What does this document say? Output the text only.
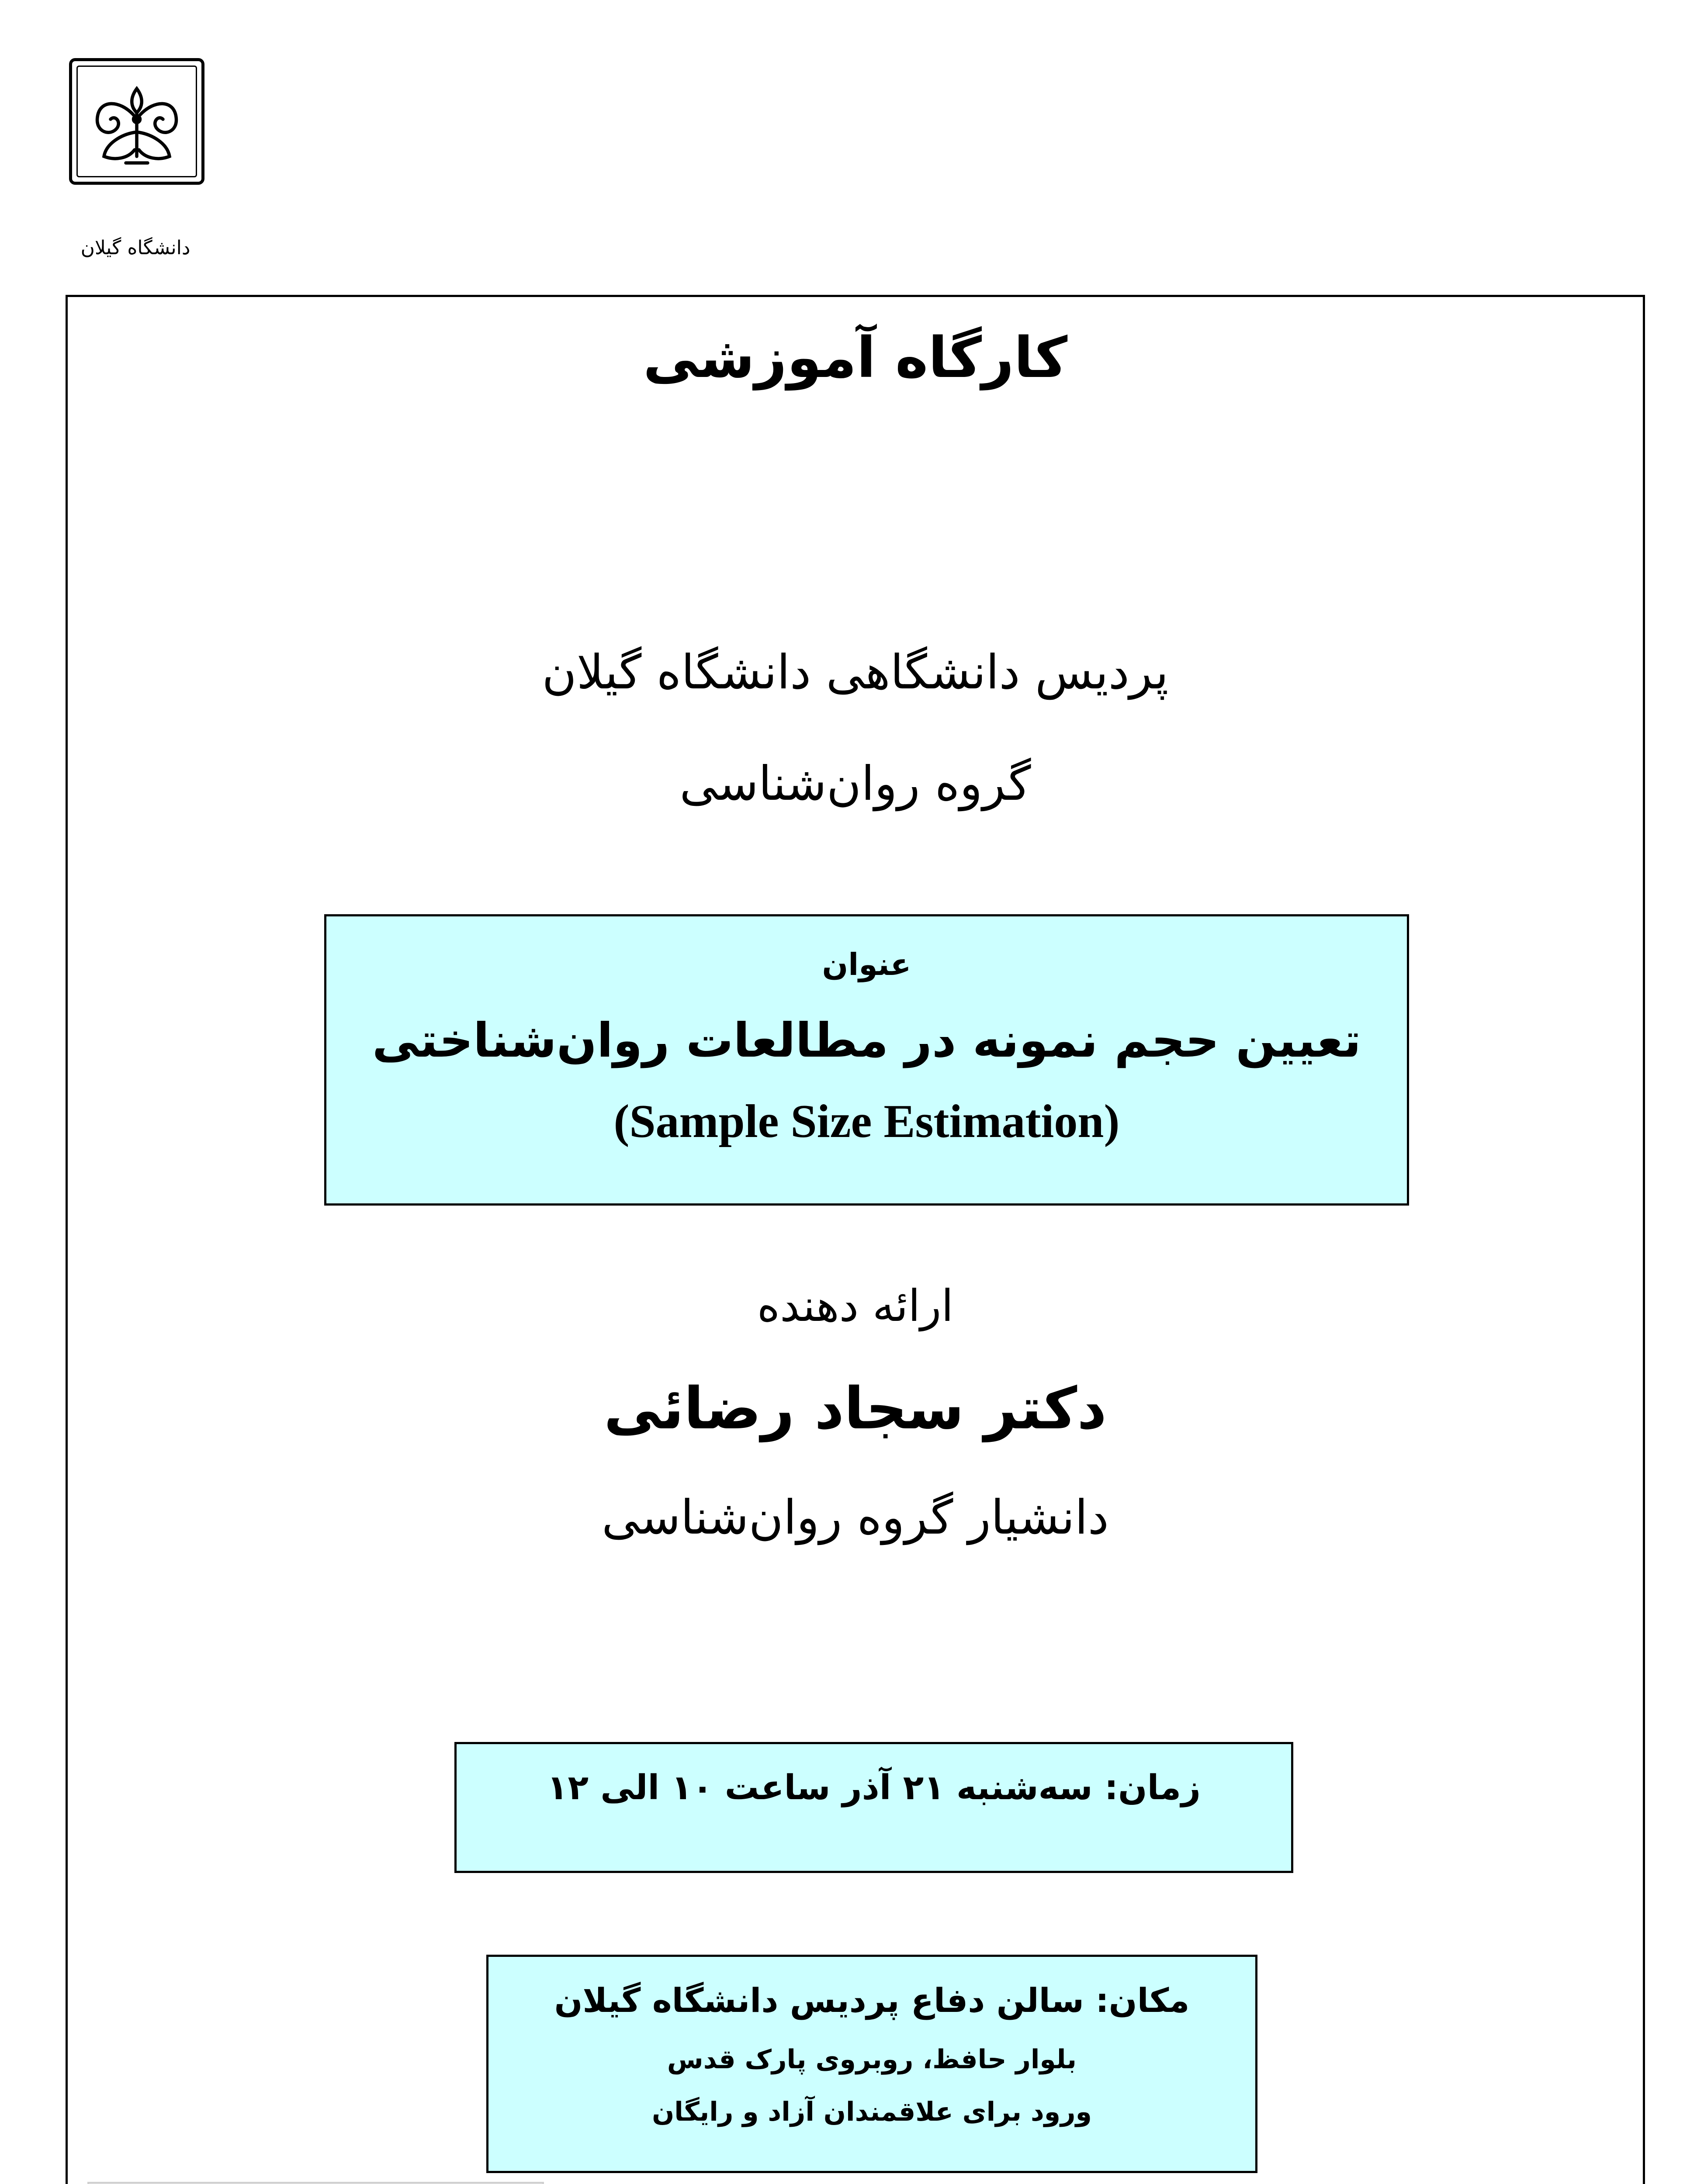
دانشگاه گیلان
کارگاه آموزشی
پردیس دانشگاهی دانشگاه گیلان
گروه روان‌شناسی
عنوان
تعیین حجم نمونه در مطالعات روان‌شناختی
(Sample Size Estimation)
ارائه دهنده
دکتر سجاد رضائی
دانشیار گروه روان‌شناسی
زمان: سه‌شنبه ۲۱ آذر ساعت ۱۰ الی ۱۲
مکان: سالن دفاع پردیس دانشگاه گیلان
بلوار حافظ، روبروی پارک قدس
ورود برای علاقمندان آزاد و رایگان
